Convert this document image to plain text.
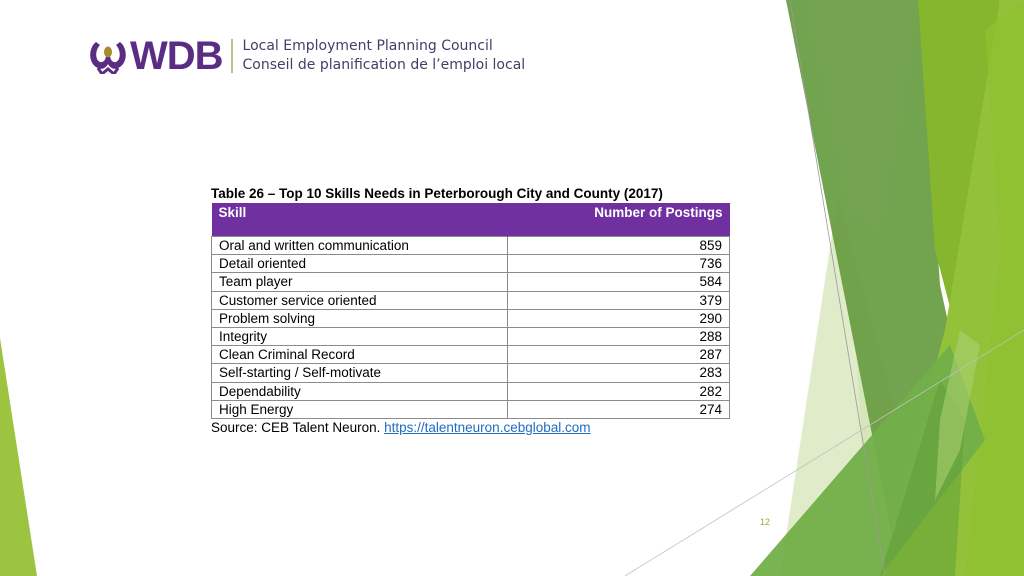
WDB Local Employment Planning Council
Conseil de planification de l’emploi local
Table 26 – Top 10 Skills Needs in Peterborough City and County (2017)
Skill	Number of Postings
Oral and written communication	859
Detail oriented	736
Team player	584
Customer service oriented	379
Problem solving	290
Integrity	288
Clean Criminal Record	287
Self-starting / Self-motivate	283
Dependability	282
High Energy	274
Source: CEB Talent Neuron. https://talentneuron.cebglobal.com
12
